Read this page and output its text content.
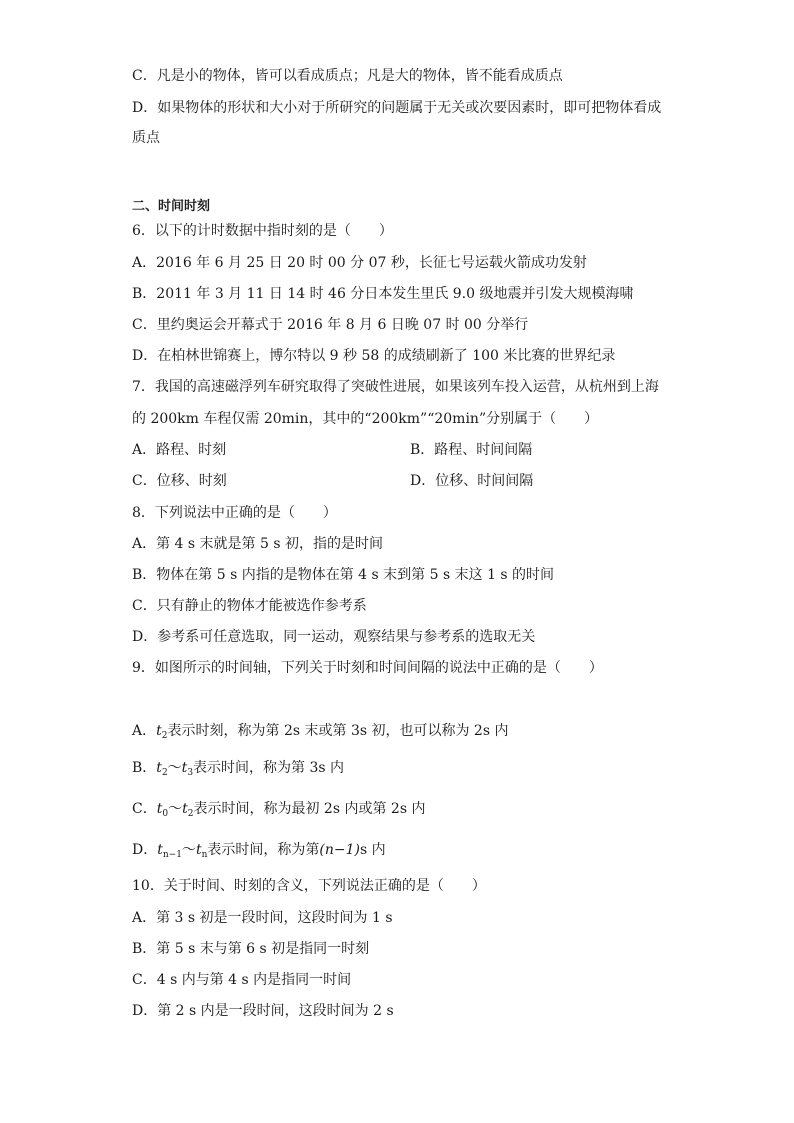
C．凡是小的物体，皆可以看成质点；凡是大的物体，皆不能看成质点
D．如果物体的形状和大小对于所研究的问题属于无关或次要因素时，即可把物体看成
质点
二、时间时刻
6．以下的计时数据中指时刻的是（　　）
A．2016 年 6 月 25 日 20 时 00 分 07 秒，长征七号运载火箭成功发射
B．2011 年 3 月 11 日 14 时 46 分日本发生里氏 9.0 级地震并引发大规模海啸
C．里约奥运会开幕式于 2016 年 8 月 6 日晚 07 时 00 分举行
D．在柏林世锦赛上，博尔特以 9 秒 58 的成绩刷新了 100 米比赛的世界纪录
7．我国的高速磁浮列车研究取得了突破性进展，如果该列车投入运营，从杭州到上海
的 200km 车程仅需 20min，其中的“200km”“20min”分别属于（　　）
A．路程、时刻	B．路程、时间间隔
C．位移、时刻	D．位移、时间间隔
8．下列说法中正确的是（　　）
A．第 4 s 末就是第 5 s 初，指的是时间
B．物体在第 5 s 内指的是物体在第 4 s 末到第 5 s 末这 1 s 的时间
C．只有静止的物体才能被选作参考系
D．参考系可任意选取，同一运动，观察结果与参考系的选取无关
9．如图所示的时间轴，下列关于时刻和时间间隔的说法中正确的是（　　）
A．$t_2$表示时刻，称为第 2s 末或第 3s 初，也可以称为 2s 内
B．$t_2\sim t_3$表示时间，称为第 3s 内
C．$t_0\sim t_2$表示时间，称为最初 2s 内或第 2s 内
D．$t_{n-1}\sim t_n$表示时间，称为第(n−1)s 内
10．关于时间、时刻的含义，下列说法正确的是（　　）
A．第 3 s 初是一段时间，这段时间为 1 s
B．第 5 s 末与第 6 s 初是指同一时刻
C．4 s 内与第 4 s 内是指同一时间
D．第 2 s 内是一段时间，这段时间为 2 s
